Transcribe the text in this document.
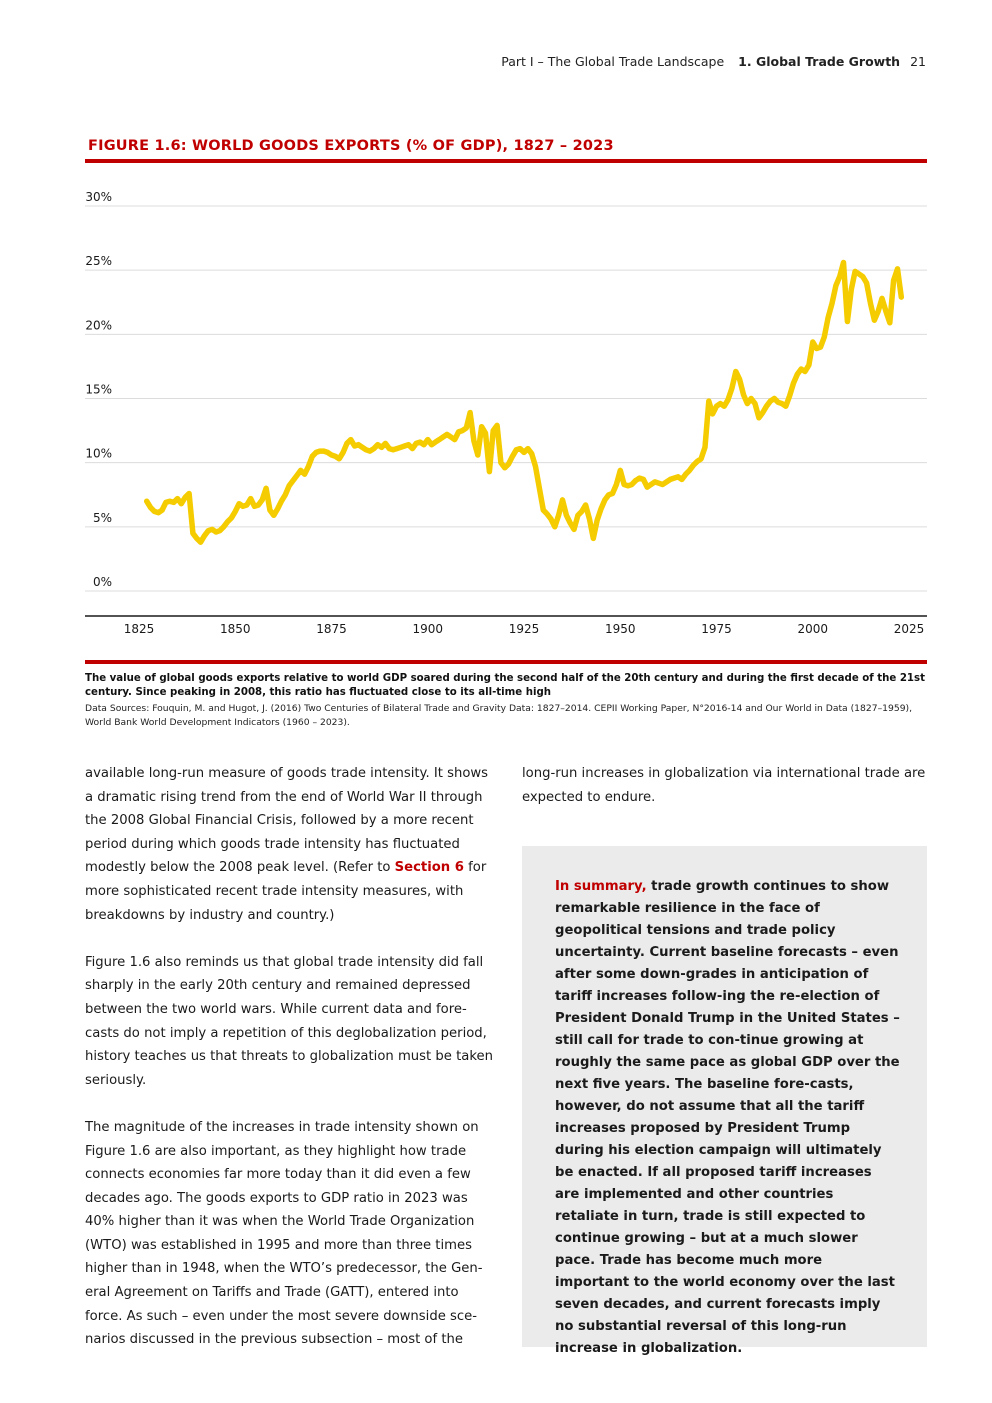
Part I – The Global Trade Landscape 1. Global Trade Growth 21
FIGURE 1.6: WORLD GOODS EXPORTS (% OF GDP), 1827 – 2023
0%
5%
10%
15%
20%
25%
30%
1825	1850	1875	1900	1925	1950	1975	2000	2025
The value of global goods exports relative to world GDP soared during the second half of the 20th century and during the first decade of the 21st century. Since peaking in 2008, this ratio has fluctuated close to its all-time high
Data Sources: Fouquin, M. and Hugot, J. (2016) Two Centuries of Bilateral Trade and Gravity Data: 1827–2014. CEPII Working Paper, N°2016-14 and Our World in Data (1827–1959), World Bank World Development Indicators (1960 – 2023).

available long-run measure of goods trade intensity. It shows a dramatic rising trend from the end of World War II through the 2008 Global Financial Crisis, followed by a more recent period during which goods trade intensity has fluctuated modestly below the 2008 peak level. (Refer to Section 6 for more sophisticated recent trade intensity measures, with breakdowns by industry and country.)

Figure 1.6 also reminds us that global trade intensity did fall sharply in the early 20th century and remained depressed between the two world wars. While current data and fore-casts do not imply a repetition of this deglobalization period, history teaches us that threats to globalization must be taken seriously.

The magnitude of the increases in trade intensity shown on Figure 1.6 are also important, as they highlight how trade connects economies far more today than it did even a few decades ago. The goods exports to GDP ratio in 2023 was 40% higher than it was when the World Trade Organization (WTO) was established in 1995 and more than three times higher than in 1948, when the WTO’s predecessor, the Gen-eral Agreement on Tariffs and Trade (GATT), entered into force. As such – even under the most severe downside sce-narios discussed in the previous subsection – most of the

long-run increases in globalization via international trade are expected to endure.

In summary, trade growth continues to show remarkable resilience in the face of geopolitical tensions and trade policy uncertainty. Current baseline forecasts – even after some down-grades in anticipation of tariff increases follow-ing the re-election of President Donald Trump in the United States – still call for trade to con-tinue growing at roughly the same pace as global GDP over the next five years. The baseline fore-casts, however, do not assume that all the tariff increases proposed by President Trump during his election campaign will ultimately be enacted. If all proposed tariff increases are implemented and other countries retaliate in turn, trade is still expected to continue growing – but at a much slower pace. Trade has become much more important to the world economy over the last seven decades, and current forecasts imply no substantial reversal of this long-run increase in globalization.
